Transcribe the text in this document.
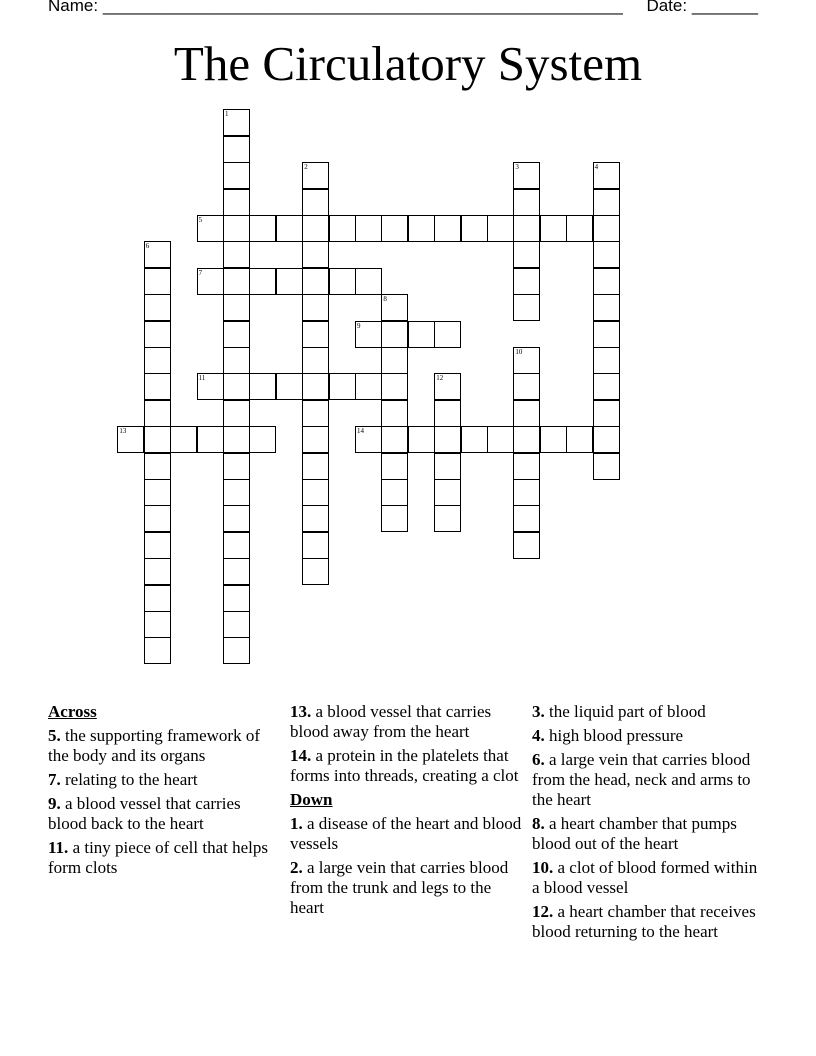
Name: _______________________________________________________ Date: _______
The Circulatory System
5
7
9
11
13	14
1
2	3	4
6
8
10
12
Across
5. the supporting framework of the body and its organs
7. relating to the heart
9. a blood vessel that carries blood back to the heart
11. a tiny piece of cell that helps form clots
13. a blood vessel that carries blood away from the heart
14. a protein in the platelets that forms into threads, creating a clot
Down
1. a disease of the heart and blood vessels
2. a large vein that carries blood from the trunk and legs to the heart
3. the liquid part of blood
4. high blood pressure
6. a large vein that carries blood from the head, neck and arms to the heart
8. a heart chamber that pumps blood out of the heart
10. a clot of blood formed within a blood vessel
12. a heart chamber that receives blood returning to the heart
